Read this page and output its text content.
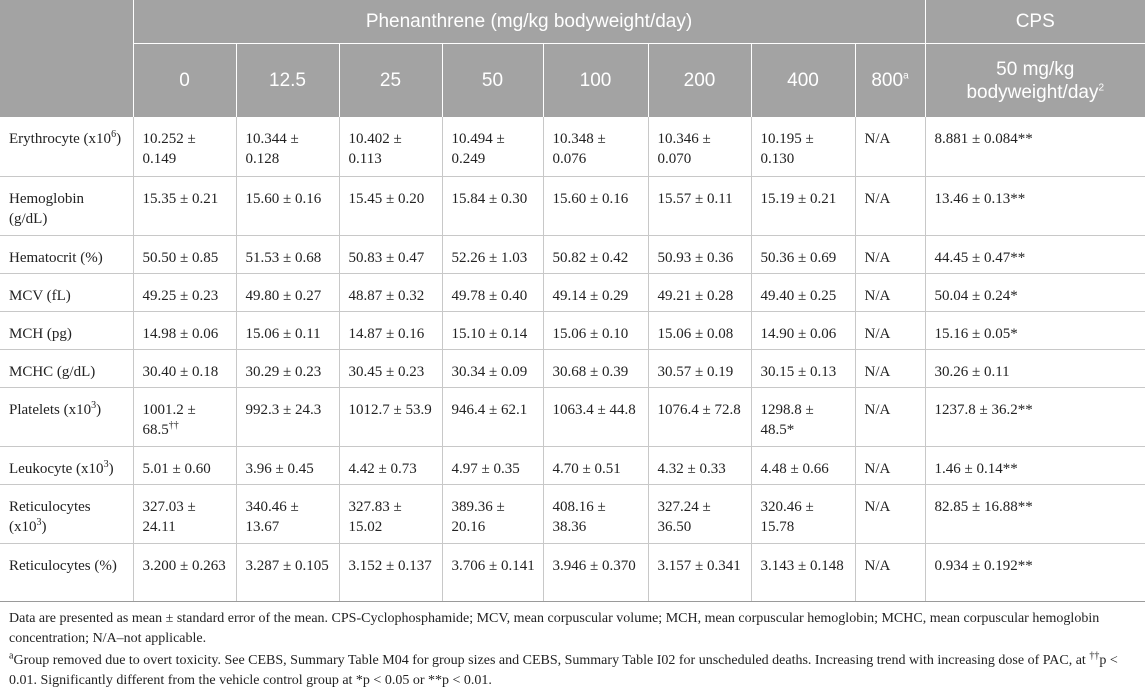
	Phenanthrene (mg/kg bodyweight/day)								CPS
	0	12.5	25	50	100	200	400	800$^a$	50 mg/kg bodyweight/day$^2$
Erythrocyte $(x10^6)$	10.252 ± 0.149	10.344 ± 0.128	10.402 ± 0.113	10.494 ± 0.249	10.348 ± 0.076	10.346 ± 0.070	10.195 ± 0.130	N/A	8.881 ± 0.084**
Hemoglobin (g/dL)	15.35 ± 0.21	15.60 ± 0.16	15.45 ± 0.20	15.84 ± 0.30	15.60 ± 0.16	15.57 ± 0.11	15.19 ± 0.21	N/A	13.46 ± 0.13**
Hematocrit (%)	50.50 ± 0.85	51.53 ± 0.68	50.83 ± 0.47	52.26 ± 1.03	50.82 ± 0.42	50.93 ± 0.36	50.36 ± 0.69	N/A	44.45 ± 0.47**
MCV (fL)	49.25 ± 0.23	49.80 ± 0.27	48.87 ± 0.32	49.78 ± 0.40	49.14 ± 0.29	49.21 ± 0.28	49.40 ± 0.25	N/A	50.04 ± 0.24*
MCH (pg)	14.98 ± 0.06	15.06 ± 0.11	14.87 ± 0.16	15.10 ± 0.14	15.06 ± 0.10	15.06 ± 0.08	14.90 ± 0.06	N/A	15.16 ± 0.05*
MCHC (g/dL)	30.40 ± 0.18	30.29 ± 0.23	30.45 ± 0.23	30.34 ± 0.09	30.68 ± 0.39	30.57 ± 0.19	30.15 ± 0.13	N/A	30.26 ± 0.11
Platelets $(x10^3)$	1001.2 ± 68.5††	992.3 ± 24.3	1012.7 ± 53.9	946.4 ± 62.1	1063.4 ± 44.8	1076.4 ± 72.8	1298.8 ± 48.5*	N/A	1237.8 ± 36.2**
Leukocyte $(x10^3)$	5.01 ± 0.60	3.96 ± 0.45	4.42 ± 0.73	4.97 ± 0.35	4.70 ± 0.51	4.32 ± 0.33	4.48 ± 0.66	N/A	1.46 ± 0.14**
Reticulocytes $(x10^3)$	327.03 ± 24.11	340.46 ± 13.67	327.83 ± 15.02	389.36 ± 20.16	408.16 ± 38.36	327.24 ± 36.50	320.46 ± 15.78	N/A	82.85 ± 16.88**
Reticulocytes (%)	3.200 ± 0.263	3.287 ± 0.105	3.152 ± 0.137	3.706 ± 0.141	3.946 ± 0.370	3.157 ± 0.341	3.143 ± 0.148	N/A	0.934 ± 0.192**

Data are presented as mean ± standard error of the mean. CPS-Cyclophosphamide; MCV, mean corpuscular volume; MCH, mean corpuscular hemoglobin; MCHC, mean corpuscular hemoglobin concentration; N/A–not applicable.

$^a$Group removed due to overt toxicity. See CEBS, Summary Table M04 for group sizes and CEBS, Summary Table I02 for unscheduled deaths. Increasing trend with increasing dose of PAC, at ††p < 0.01. Significantly different from the vehicle control group at *p < 0.05 or **p < 0.01.
